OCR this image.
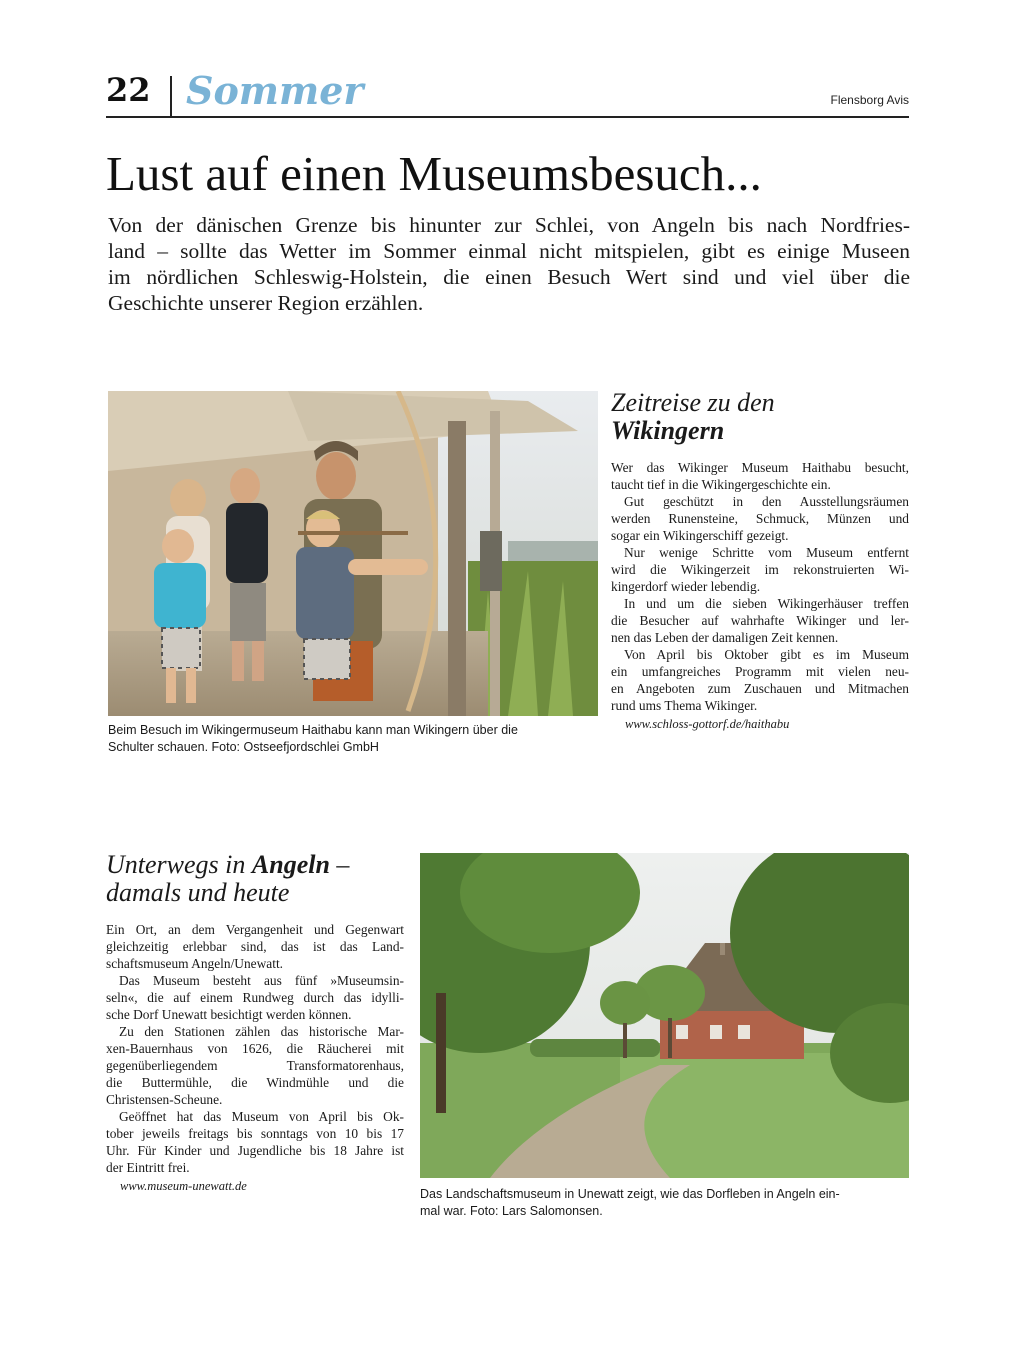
22 Sommer	Flensborg Avis
Lust auf einen Museumsbesuch...
Von der dänischen Grenze bis hinunter zur Schlei, von Angeln bis nach Nordfries-
land – sollte das Wetter im Sommer einmal nicht mitspielen, gibt es einige Museen
im nördlichen Schleswig-Holstein, die einen Besuch Wert sind und viel über die
Geschichte unserer Region erzählen.
Beim Besuch im Wikingermuseum Haithabu kann man Wikingern über die
Schulter schauen. Foto: Ostseefjordschlei GmbH
Zeitreise zu den
Wikingern
Wer das Wikinger Museum Haithabu besucht,
taucht tief in die Wikingergeschichte ein.
Gut geschützt in den Ausstellungsräumen
werden Runensteine, Schmuck, Münzen und
sogar ein Wikingerschiff gezeigt.
Nur wenige Schritte vom Museum entfernt
wird die Wikingerzeit im rekonstruierten Wi-
kingerdorf wieder lebendig.
In und um die sieben Wikingerhäuser treffen
die Besucher auf wahrhafte Wikinger und ler-
nen das Leben der damaligen Zeit kennen.
Von April bis Oktober gibt es im Museum
ein umfangreiches Programm mit vielen neu-
en Angeboten zum Zuschauen und Mitmachen
rund ums Thema Wikinger.
www.schloss-gottorf.de/haithabu
Unterwegs in Angeln –
damals und heute
Ein Ort, an dem Vergangenheit und Gegenwart
gleichzeitig erlebbar sind, das ist das Land-
schaftsmuseum Angeln/Unewatt.
Das Museum besteht aus fünf »Museumsin-
seln«, die auf einem Rundweg durch das idylli-
sche Dorf Unewatt besichtigt werden können.
Zu den Stationen zählen das historische Mar-
xen-Bauernhaus von 1626, die Räucherei mit
gegenüberliegendem Transformatorenhaus,
die Buttermühle, die Windmühle und die
Christensen-Scheune.
Geöffnet hat das Museum von April bis Ok-
tober jeweils freitags bis sonntags von 10 bis 17
Uhr. Für Kinder und Jugendliche bis 18 Jahre ist
der Eintritt frei.
www.museum-unewatt.de
Das Landschaftsmuseum in Unewatt zeigt, wie das Dorfleben in Angeln ein-
mal war. Foto: Lars Salomonsen.
